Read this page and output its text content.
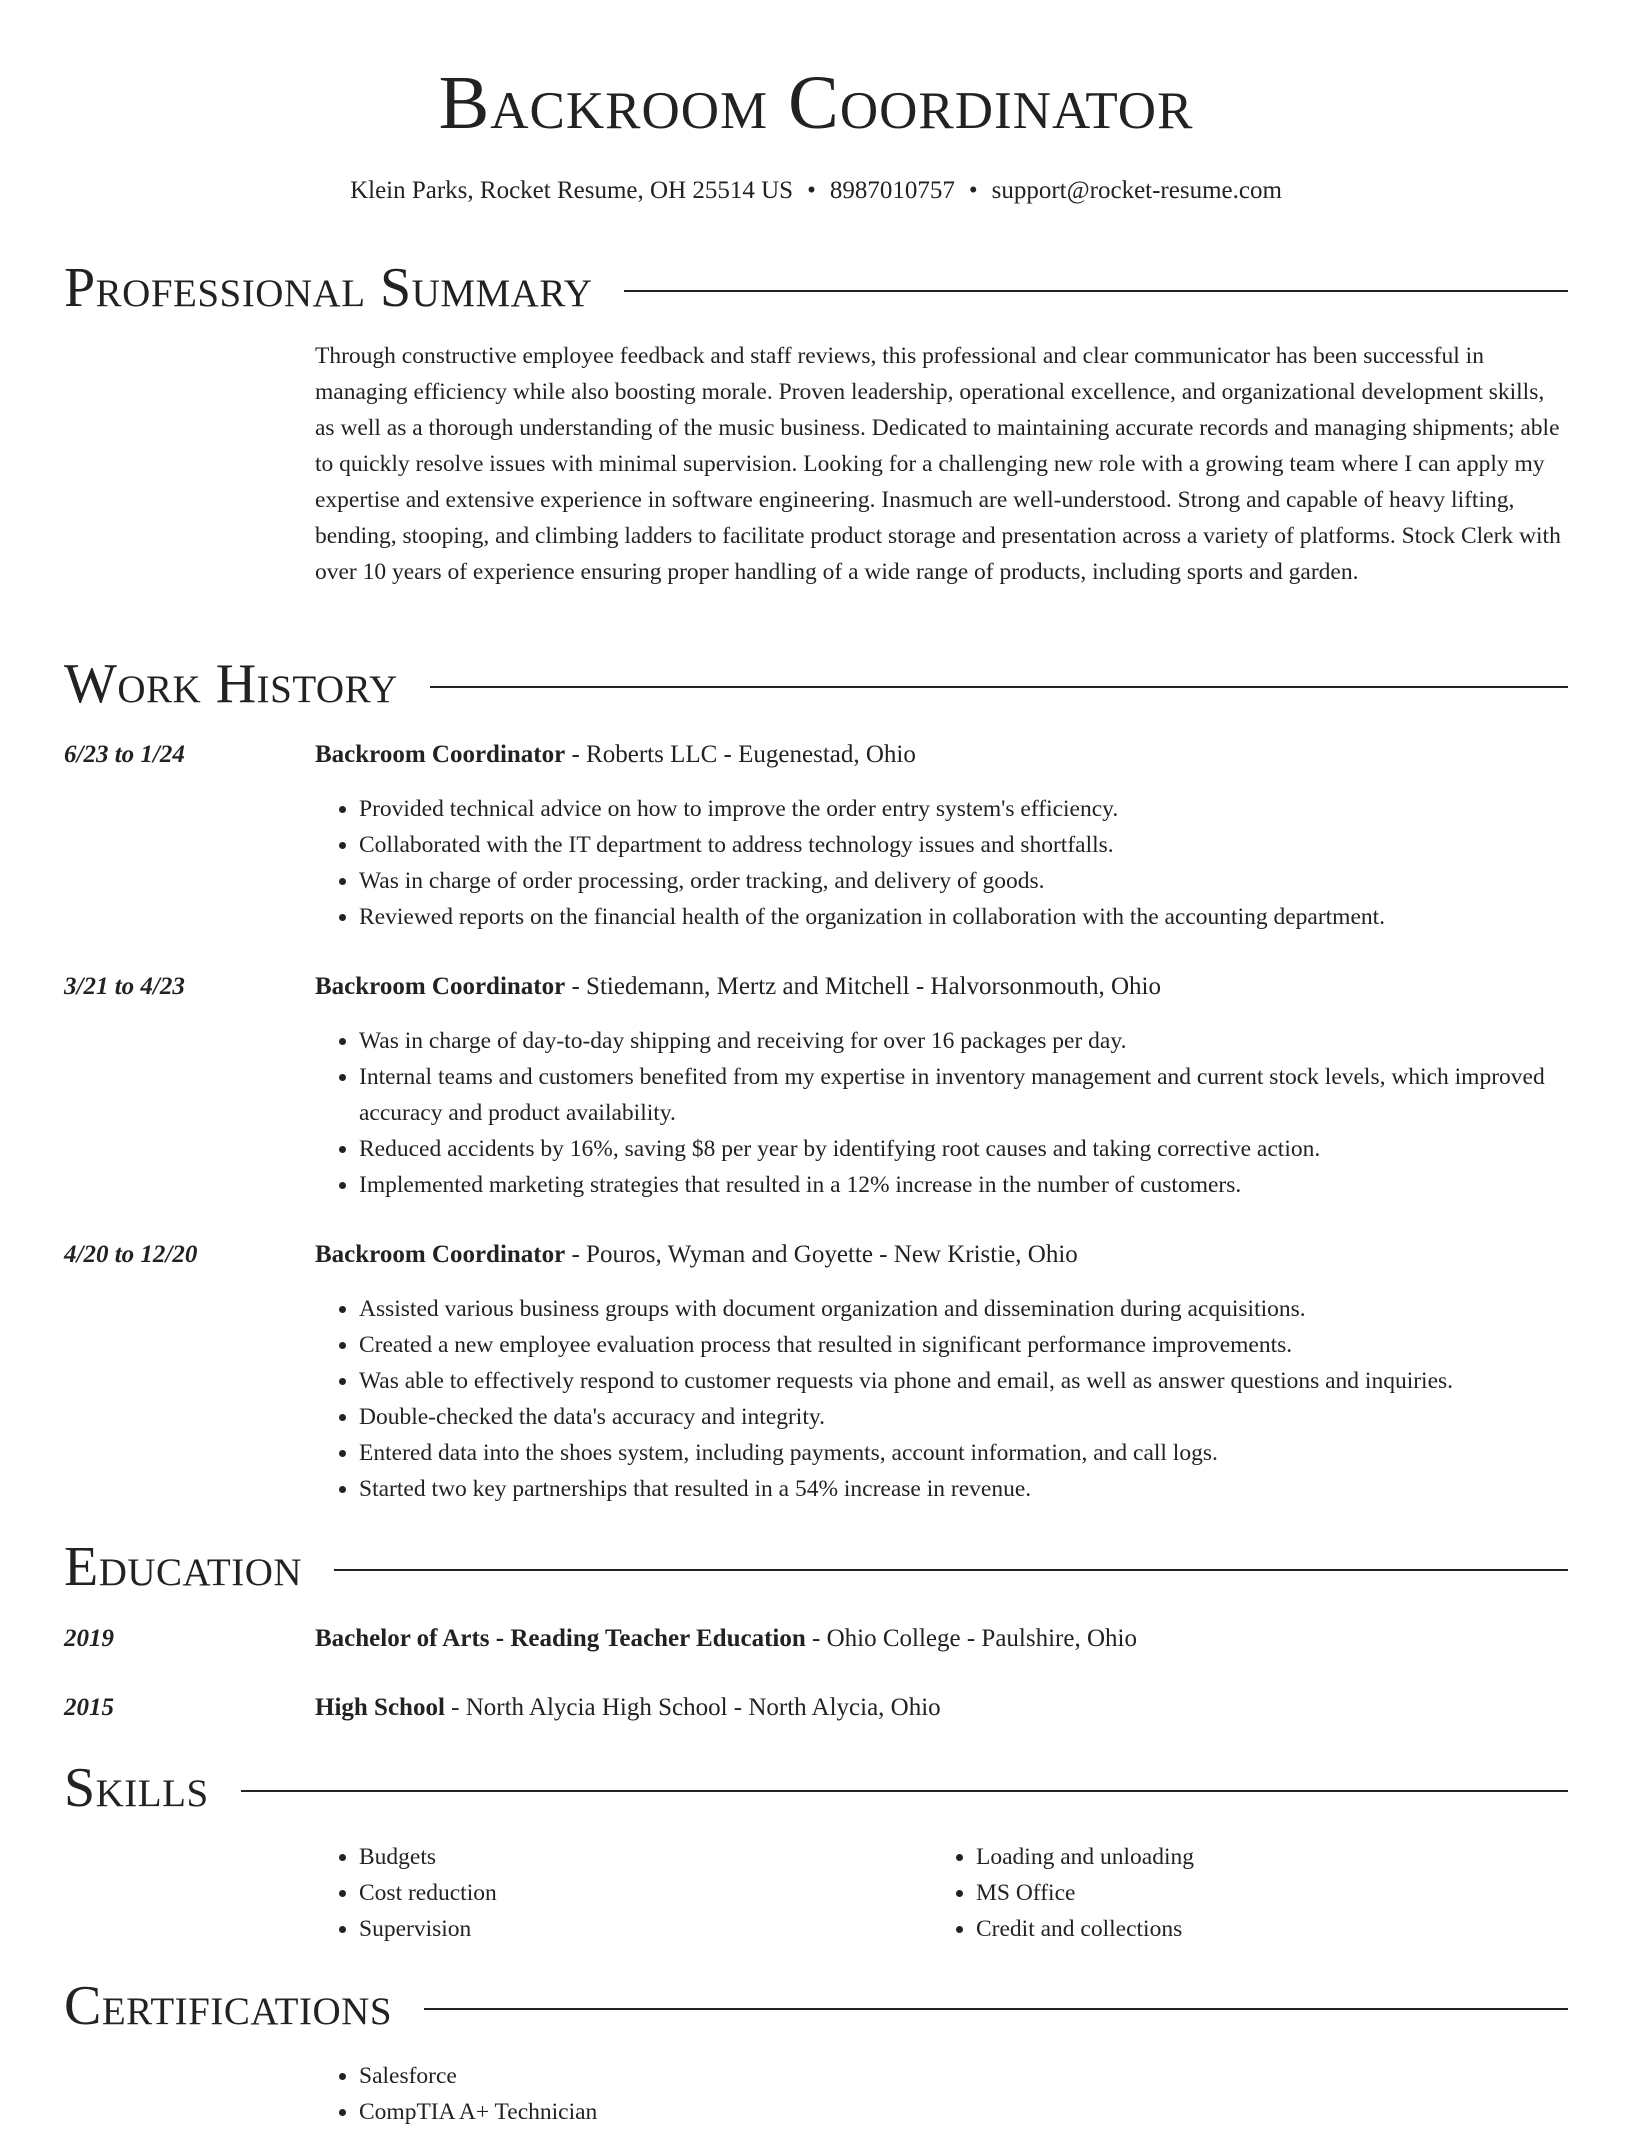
Backroom Coordinator
Klein Parks, Rocket Resume, OH 25514 US • 8987010757 • support@rocket-resume.com
Professional Summary
Through constructive employee feedback and staff reviews, this professional and clear communicator has been successful in managing efficiency while also boosting morale. Proven leadership, operational excellence, and organizational development skills, as well as a thorough understanding of the music business. Dedicated to maintaining accurate records and managing shipments; able to quickly resolve issues with minimal supervision. Looking for a challenging new role with a growing team where I can apply my expertise and extensive experience in software engineering. Inasmuch are well-understood. Strong and capable of heavy lifting, bending, stooping, and climbing ladders to facilitate product storage and presentation across a variety of platforms. Stock Clerk with over 10 years of experience ensuring proper handling of a wide range of products, including sports and garden.
Work History
6/23 to 1/24	Backroom Coordinator - Roberts LLC - Eugenestad, Ohio
• Provided technical advice on how to improve the order entry system's efficiency.
• Collaborated with the IT department to address technology issues and shortfalls.
• Was in charge of order processing, order tracking, and delivery of goods.
• Reviewed reports on the financial health of the organization in collaboration with the accounting department.
3/21 to 4/23	Backroom Coordinator - Stiedemann, Mertz and Mitchell - Halvorsonmouth, Ohio
• Was in charge of day-to-day shipping and receiving for over 16 packages per day.
• Internal teams and customers benefited from my expertise in inventory management and current stock levels, which improved accuracy and product availability.
• Reduced accidents by 16%, saving $8 per year by identifying root causes and taking corrective action.
• Implemented marketing strategies that resulted in a 12% increase in the number of customers.
4/20 to 12/20	Backroom Coordinator - Pouros, Wyman and Goyette - New Kristie, Ohio
• Assisted various business groups with document organization and dissemination during acquisitions.
• Created a new employee evaluation process that resulted in significant performance improvements.
• Was able to effectively respond to customer requests via phone and email, as well as answer questions and inquiries.
• Double-checked the data's accuracy and integrity.
• Entered data into the shoes system, including payments, account information, and call logs.
• Started two key partnerships that resulted in a 54% increase in revenue.
Education
2019	Bachelor of Arts - Reading Teacher Education - Ohio College - Paulshire, Ohio
2015	High School - North Alycia High School - North Alycia, Ohio
Skills
• Budgets
• Cost reduction
• Supervision
• Loading and unloading
• MS Office
• Credit and collections
Certifications
• Salesforce
• CompTIA A+ Technician
